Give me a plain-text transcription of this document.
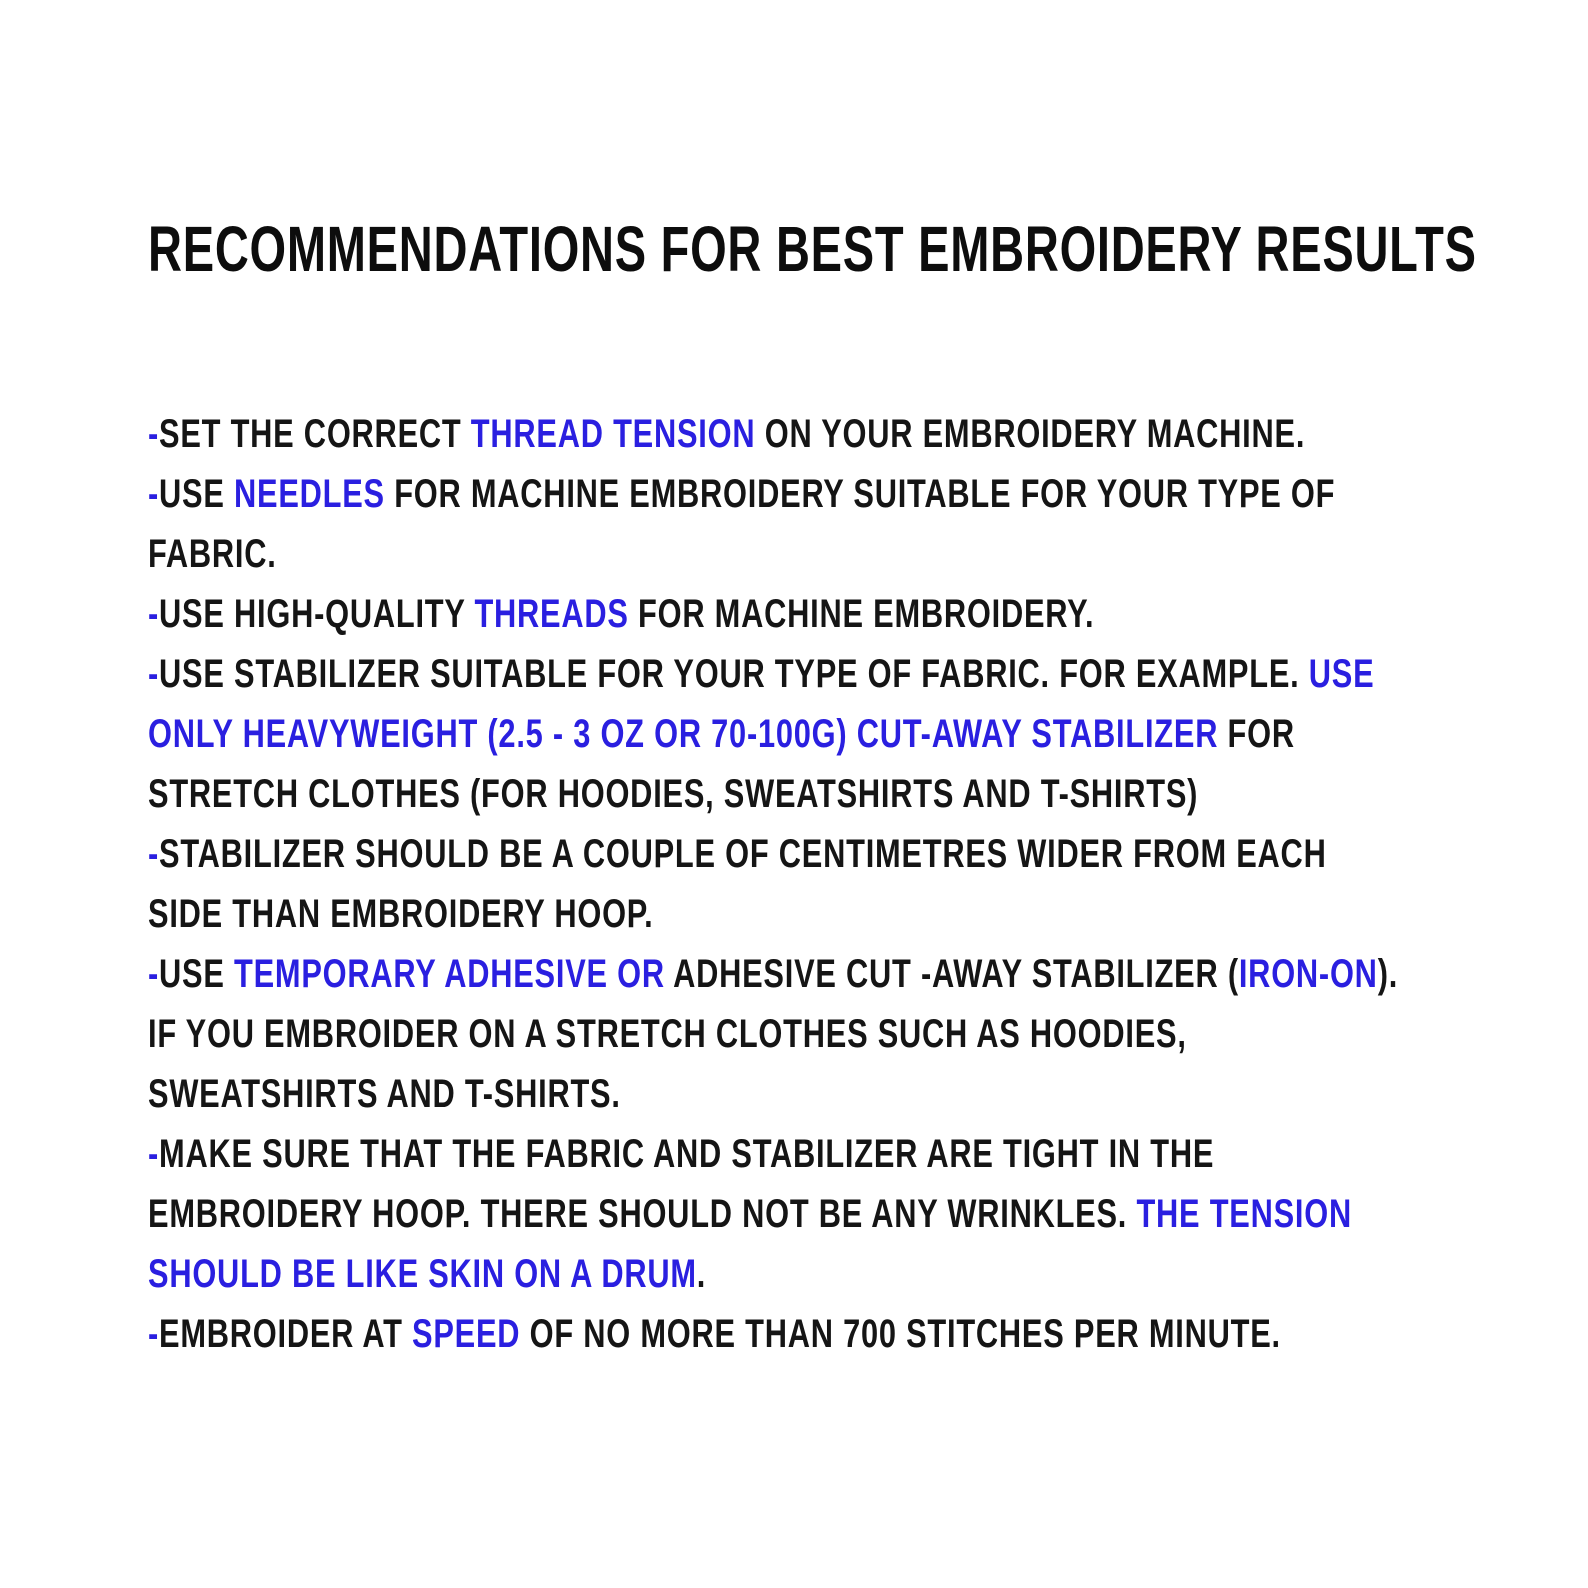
RECOMMENDATIONS FOR BEST EMBROIDERY RESULTS
-SET THE CORRECT THREAD TENSION ON YOUR EMBROIDERY MACHINE.
-USE NEEDLES FOR MACHINE EMBROIDERY SUITABLE FOR YOUR TYPE OF FABRIC.
-USE HIGH-QUALITY THREADS FOR MACHINE EMBROIDERY.
-USE STABILIZER SUITABLE FOR YOUR TYPE OF FABRIC. FOR EXAMPLE. USE ONLY HEAVYWEIGHT (2.5 - 3 OZ OR 70-100G) CUT-AWAY STABILIZER FOR STRETCH CLOTHES (FOR HOODIES, SWEATSHIRTS AND T-SHIRTS)
-STABILIZER SHOULD BE A COUPLE OF CENTIMETRES WIDER FROM EACH SIDE THAN EMBROIDERY HOOP.
-USE TEMPORARY ADHESIVE OR ADHESIVE CUT -AWAY STABILIZER (IRON-ON). IF YOU EMBROIDER ON A STRETCH CLOTHES SUCH AS HOODIES, SWEATSHIRTS AND T-SHIRTS.
-MAKE SURE THAT THE FABRIC AND STABILIZER ARE TIGHT IN THE EMBROIDERY HOOP. THERE SHOULD NOT BE ANY WRINKLES. THE TENSION SHOULD BE LIKE SKIN ON A DRUM.
-EMBROIDER AT SPEED OF NO MORE THAN 700 STITCHES PER MINUTE.
